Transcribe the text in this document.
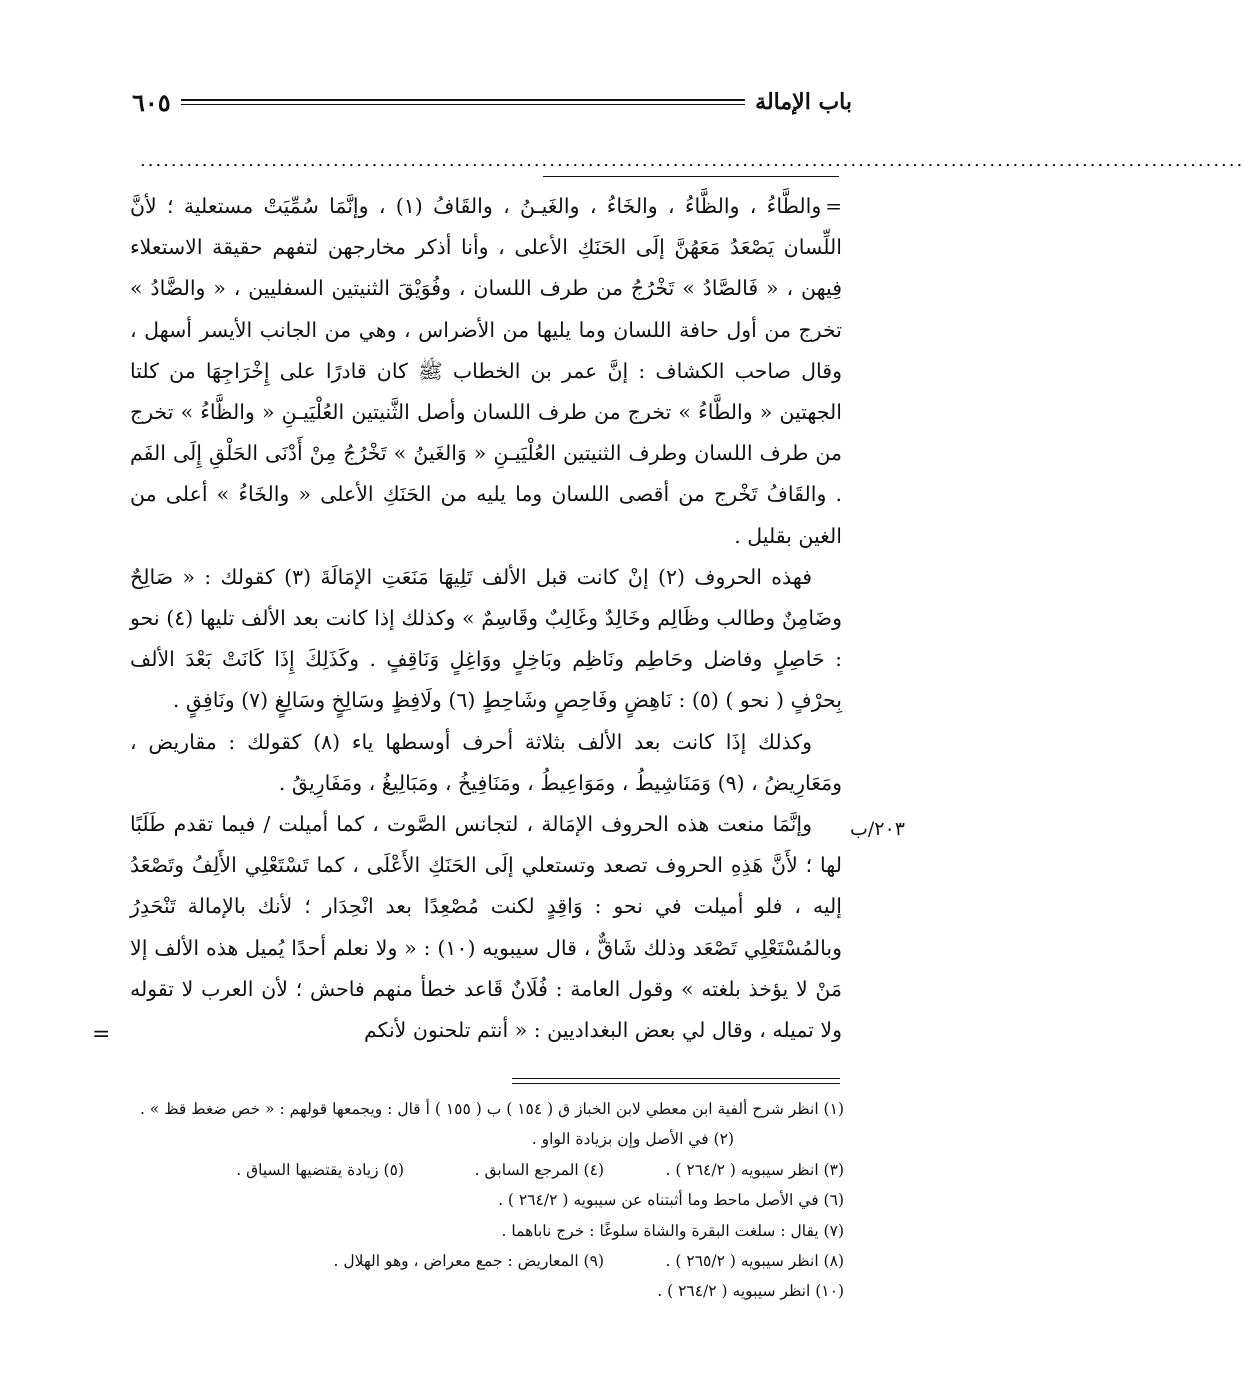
باب الإمالة
٦٠٥
...............................................................................................................................................

=والطَّاءُ ، والظَّاءُ ، والخَاءُ ، والغَيـنُ ، والقَافُ (١) ، وإنَّمَا سُمِّيَتْ مستعلية ؛ لأنَّ اللِّسان يَصْعَدُ مَعَهُنَّ إلَى الحَنَكِ الأعلى ، وأنا أذكر مخارجهن لتفهم حقيقة الاستعلاء فِيهن ، « فَالصَّادُ » تَخْرُجُ من طرف اللسان ، وفُوَيْقَ الثنيتين السفليين ، « والضَّادُ » تخرج من أول حافة اللسان وما يليها من الأضراس ، وهي من الجانب الأيسر أسهل ، وقال صاحب الكشاف : إنَّ عمر بن الخطاب ﷺ كان قادرًا على إِخْرَاجِهَا من كلتا الجهتين « والطَّاءُ » تخرج من طرف اللسان وأصل الثَّنيتين العُلْيَيـنِ « والظَّاءُ » تخرج من طرف اللسان وطرف الثنيتين العُلْيَيـنِ « وَالغَينُ » تَخْرُجُ مِنْ أَدْنَى الحَلْقِ إِلَى الفَم . والقَافُ تَخْرج من أقصى اللسان وما يليه من الحَنَكِ الأعلى « والخَاءُ » أعلى من الغين بقليل .

فهذه الحروف (٢) إنْ كانت قبل الألف تَلِيهَا مَنَعَتِ الإمَالَةَ (٣) كقولك : « صَالِحٌ وضَامِنٌ وطالب وظَالِم وخَالِدٌ وغَالِبٌ وقَاسِمٌ » وكذلك إذا كانت بعد الألف تليها (٤) نحو : حَاصِلٍ وفاضل وحَاطِم ونَاظِم وبَاخِلٍ ووَاغِلٍ وَنَاقِفٍ . وكَذَلِكَ إِذَا كَانَتْ بَعْدَ الألف بِحرْفٍ ( نحو ) (٥) : نَاهِضٍ وفَاحِصٍ وشَاحِطٍ (٦) ولَافِظٍ وسَالِخٍ وسَالِغٍ (٧) ونَافِقٍ .

وكذلك إذَا كانت بعد الألف بثلاثة أحرف أوسطها ياء (٨) كقولك : مقاريض ، ومَعَارِيضُ ، (٩) وَمَنَاشِيطُ ، ومَوَاعِيطُ ، ومَنَافِيخُ ، ومَبَالِيغُ ، ومَفَارِيقُ .

وإنَّمَا منعت هذه الحروف الإمَالة ، لتجانس الصَّوت ، كما أميلت / فيما تقدم طَلَبًا لها ؛ لأَنَّ هَذِهِ الحروف تصعد وتستعلي إلَى الحَنَكِ الأَعْلَى ، كما تَسْتَعْلِي الأَلِفُ وتَصْعَدُ إليه ، فلو أميلت في نحو : وَاقِدٍ لكنت مُصْعِدًا بعد انْحِدَار ؛ لأنك بالإمالة تَنْحَدِرُ وبالمُسْتَعْلِي تَصْعَد وذلك شَاقٌّ ، قال سيبويه (١٠) : « ولا نعلم أحدًا يُميل هذه الألف إلا مَنْ لا يؤخذ بلغته » وقول العامة : فُلَانٌ قَاعد خطأ منهم فاحش ؛ لأن العرب لا تقوله ولا تميله ، وقال لي بعض البغداديين : « أنتم تلحنون لأنكم

٢٠٣/ب
=
(١) انظر شرح ألفية ابن معطي لابن الخباز ق ( ١٥٤ ) ب ( ١٥٥ ) أ قال : ويجمعها قولهم : « خص ضغط قظ » .
(٢) في الأصل وإن بزيادة الواو .
(٣) انظر سيبويه ( ٢٦٤/٢ ) .
(٤) المرجع السابق .
(٥) زيادة يقتضيها السياق .
(٦) في الأصل ماحط وما أثبتناه عن سيبويه ( ٢٦٤/٢ ) .
(٧) يقال : سلغت البقرة والشاة سلوغًا : خرج ناباهما .
(٨) انظر سيبويه ( ٢٦٥/٢ ) .
(٩) المعاريض : جمع معراض ، وهو الهلال .
(١٠) انظر سيبويه ( ٢٦٤/٢ ) .
